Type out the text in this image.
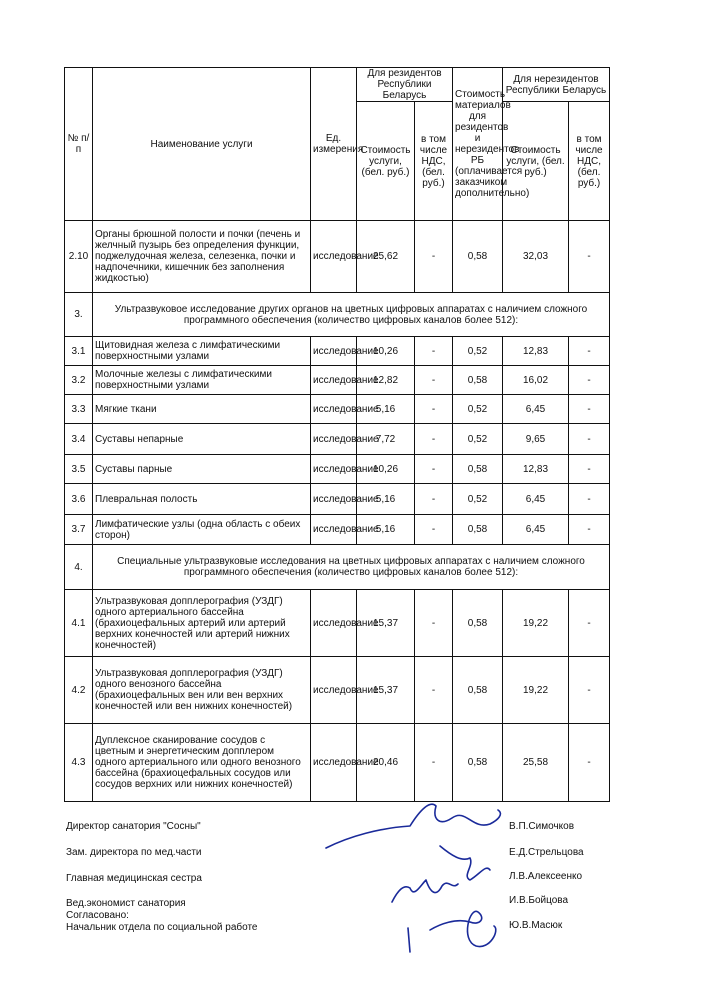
№ п/п	Наименование услуги	Ед. измерения	Для резидентов Республики Беларусь		Стоимость материалов для резидентов и нерезидентов РБ (оплачивается заказчиком дополнительно)	Для нерезидентов Республики Беларусь	
			Стоимость услуги, (бел. руб.)	в том числе НДС, (бел. руб.)		Стоимость услуги, (бел. руб.)	в том числе НДС, (бел. руб.)
2.10	Органы брюшной полости и почки (печень и желчный пузырь без определения функции, поджелудочная железа, селезенка, почки и надпочечники, кишечник без заполнения жидкостью)	исследование	25,62	-	0,58	32,03	-
3.	Ультразвуковое исследование других органов на цветных цифровых аппаратах с наличием сложного программного обеспечения (количество цифровых каналов более 512):						
3.1	Щитовидная железа с лимфатическими поверхностными узлами	исследование	10,26	-	0,52	12,83	-
3.2	Молочные железы с лимфатическими поверхностными узлами	исследование	12,82	-	0,58	16,02	-
3.3	Мягкие ткани	исследование	5,16	-	0,52	6,45	-
3.4	Суставы непарные	исследование	7,72	-	0,52	9,65	-
3.5	Суставы парные	исследование	10,26	-	0,58	12,83	-
3.6	Плевральная полость	исследование	5,16	-	0,52	6,45	-
3.7	Лимфатические узлы (одна область с обеих сторон)	исследование	5,16	-	0,58	6,45	-
4.	Специальные ультразвуковые исследования на цветных цифровых аппаратах с наличием сложного программного обеспечения (количество цифровых каналов более 512):						
4.1	Ультразвуковая допплерография (УЗДГ) одного артериального бассейна (брахиоцефальных артерий или артерий верхних конечностей или артерий нижних конечностей)	исследование	15,37	-	0,58	19,22	-
4.2	Ультразвуковая допплерография (УЗДГ) одного венозного бассейна (брахиоцефальных вен или вен верхних конечностей или вен нижних конечностей)	исследование	15,37	-	0,58	19,22	-
4.3	Дуплексное сканирование сосудов с цветным и энергетическим допплером одного артериального или одного венозного бассейна (брахиоцефальных сосудов или сосудов верхних или нижних конечностей)	исследование	20,46	-	0,58	25,58	-
Директор санатория "Сосны"	В.П.Симочков
Зам. директора по мед.части	Е.Д.Стрельцова
Главная медицинская сестра	Л.В.Алексеенко
Вед.экономист санатория	И.В.Бойцова
Согласовано:
Начальник отдела по социальной работе	Ю.В.Масюк
